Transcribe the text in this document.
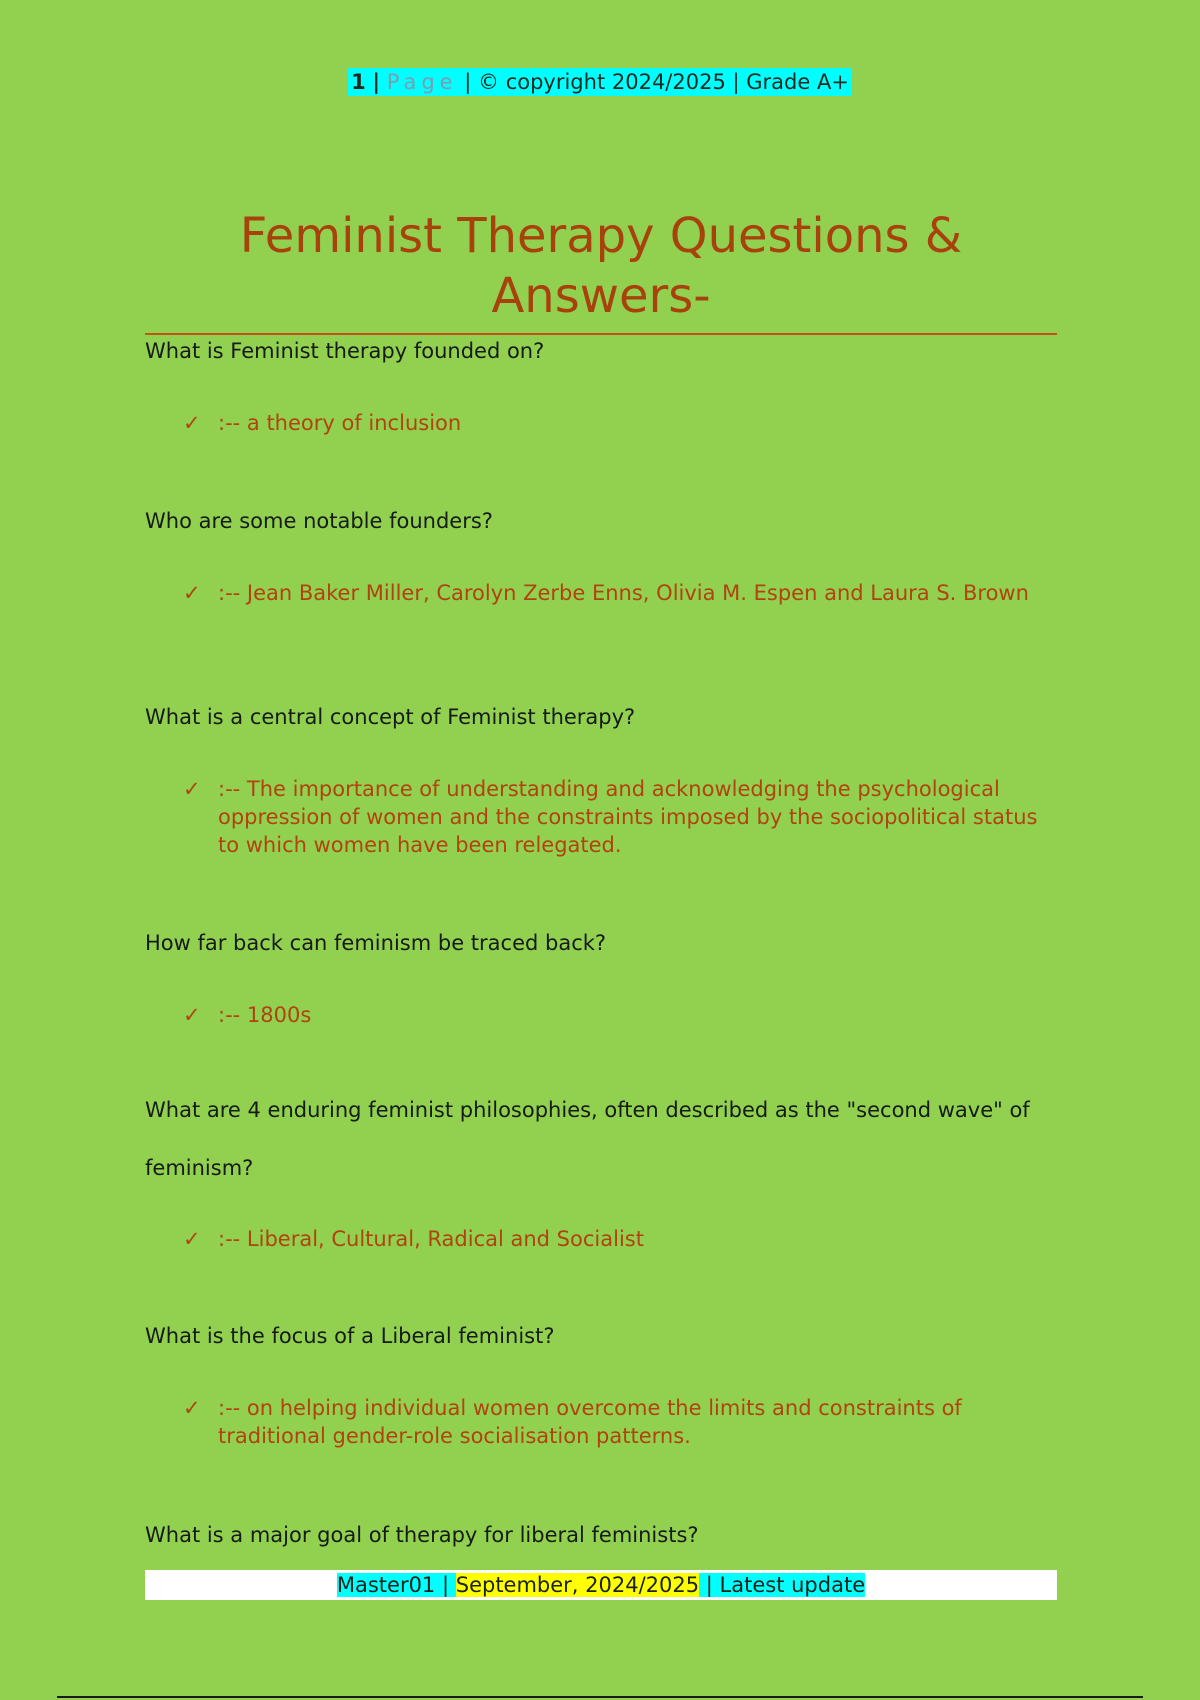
1 | Page | © copyright 2024/2025 | Grade A+
Feminist Therapy Questions &
Answers-

What is Feminist therapy founded on?

✓ :-- a theory of inclusion

Who are some notable founders?

✓ :-- Jean Baker Miller, Carolyn Zerbe Enns, Olivia M. Espen and Laura S. Brown

What is a central concept of Feminist therapy?

✓ :-- The importance of understanding and acknowledging the psychological oppression of women and the constraints imposed by the sociopolitical status to which women have been relegated.

How far back can feminism be traced back?

✓ :-- 1800s

What are 4 enduring feminist philosophies, often described as the "second wave" of feminism?

✓ :-- Liberal, Cultural, Radical and Socialist

What is the focus of a Liberal feminist?

✓ :-- on helping individual women overcome the limits and constraints of traditional gender-role socialisation patterns.

What is a major goal of therapy for liberal feminists?

Master01 | September, 2024/2025 | Latest update
